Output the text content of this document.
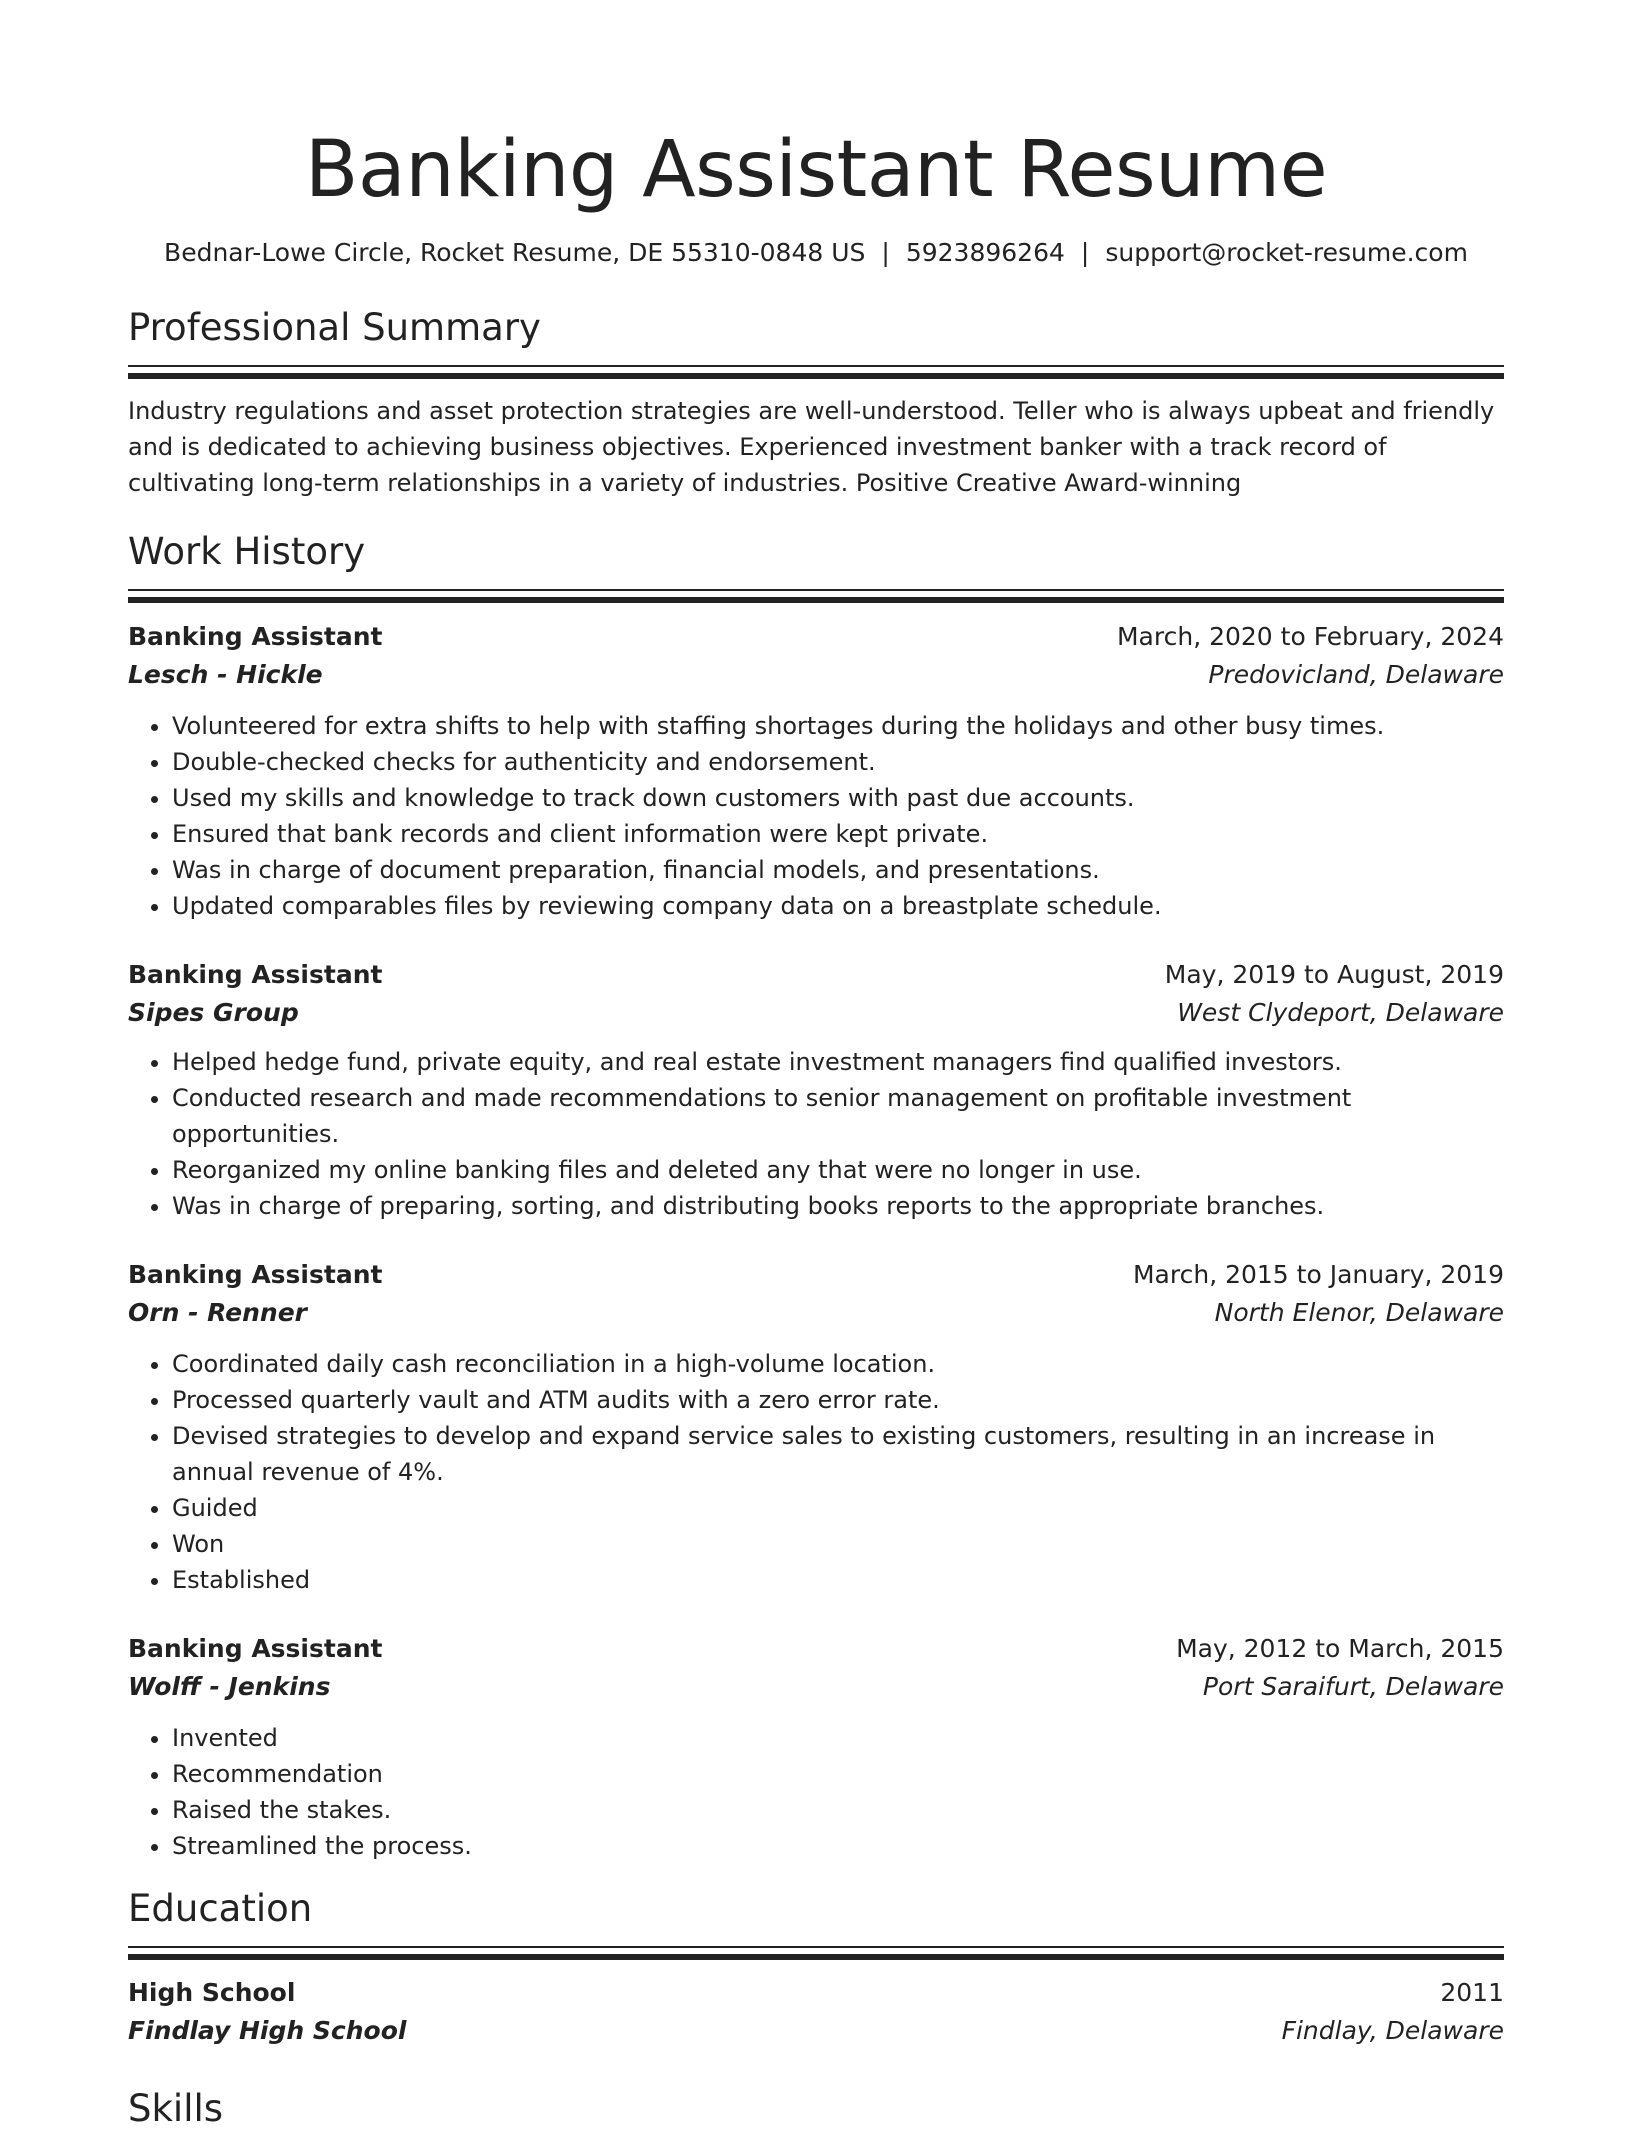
Banking Assistant Resume
Bednar-Lowe Circle, Rocket Resume, DE 55310-0848 US | 5923896264 | support@rocket-resume.com
Professional Summary

Industry regulations and asset protection strategies are well-understood. Teller who is always upbeat and friendly and is dedicated to achieving business objectives. Experienced investment banker with a track record of cultivating long-term relationships in a variety of industries. Positive Creative Award-winning

Work History
Banking Assistant	March, 2020 to February, 2024
Lesch - Hickle	Predovicland, Delaware
• Volunteered for extra shifts to help with staffing shortages during the holidays and other busy times.
• Double-checked checks for authenticity and endorsement.
• Used my skills and knowledge to track down customers with past due accounts.
• Ensured that bank records and client information were kept private.
• Was in charge of document preparation, financial models, and presentations.
• Updated comparables files by reviewing company data on a breastplate schedule.
Banking Assistant	May, 2019 to August, 2019
Sipes Group	West Clydeport, Delaware
• Helped hedge fund, private equity, and real estate investment managers find qualified investors.
• Conducted research and made recommendations to senior management on profitable investment opportunities.
• Reorganized my online banking files and deleted any that were no longer in use.
• Was in charge of preparing, sorting, and distributing books reports to the appropriate branches.
Banking Assistant	March, 2015 to January, 2019
Orn - Renner	North Elenor, Delaware
• Coordinated daily cash reconciliation in a high-volume location.
• Processed quarterly vault and ATM audits with a zero error rate.
• Devised strategies to develop and expand service sales to existing customers, resulting in an increase in annual revenue of 4%.
• Guided
• Won
• Established
Banking Assistant	May, 2012 to March, 2015
Wolff - Jenkins	Port Saraifurt, Delaware
• Invented
• Recommendation
• Raised the stakes.
• Streamlined the process.
Education
High School	2011
Findlay High School	Findlay, Delaware
Skills
